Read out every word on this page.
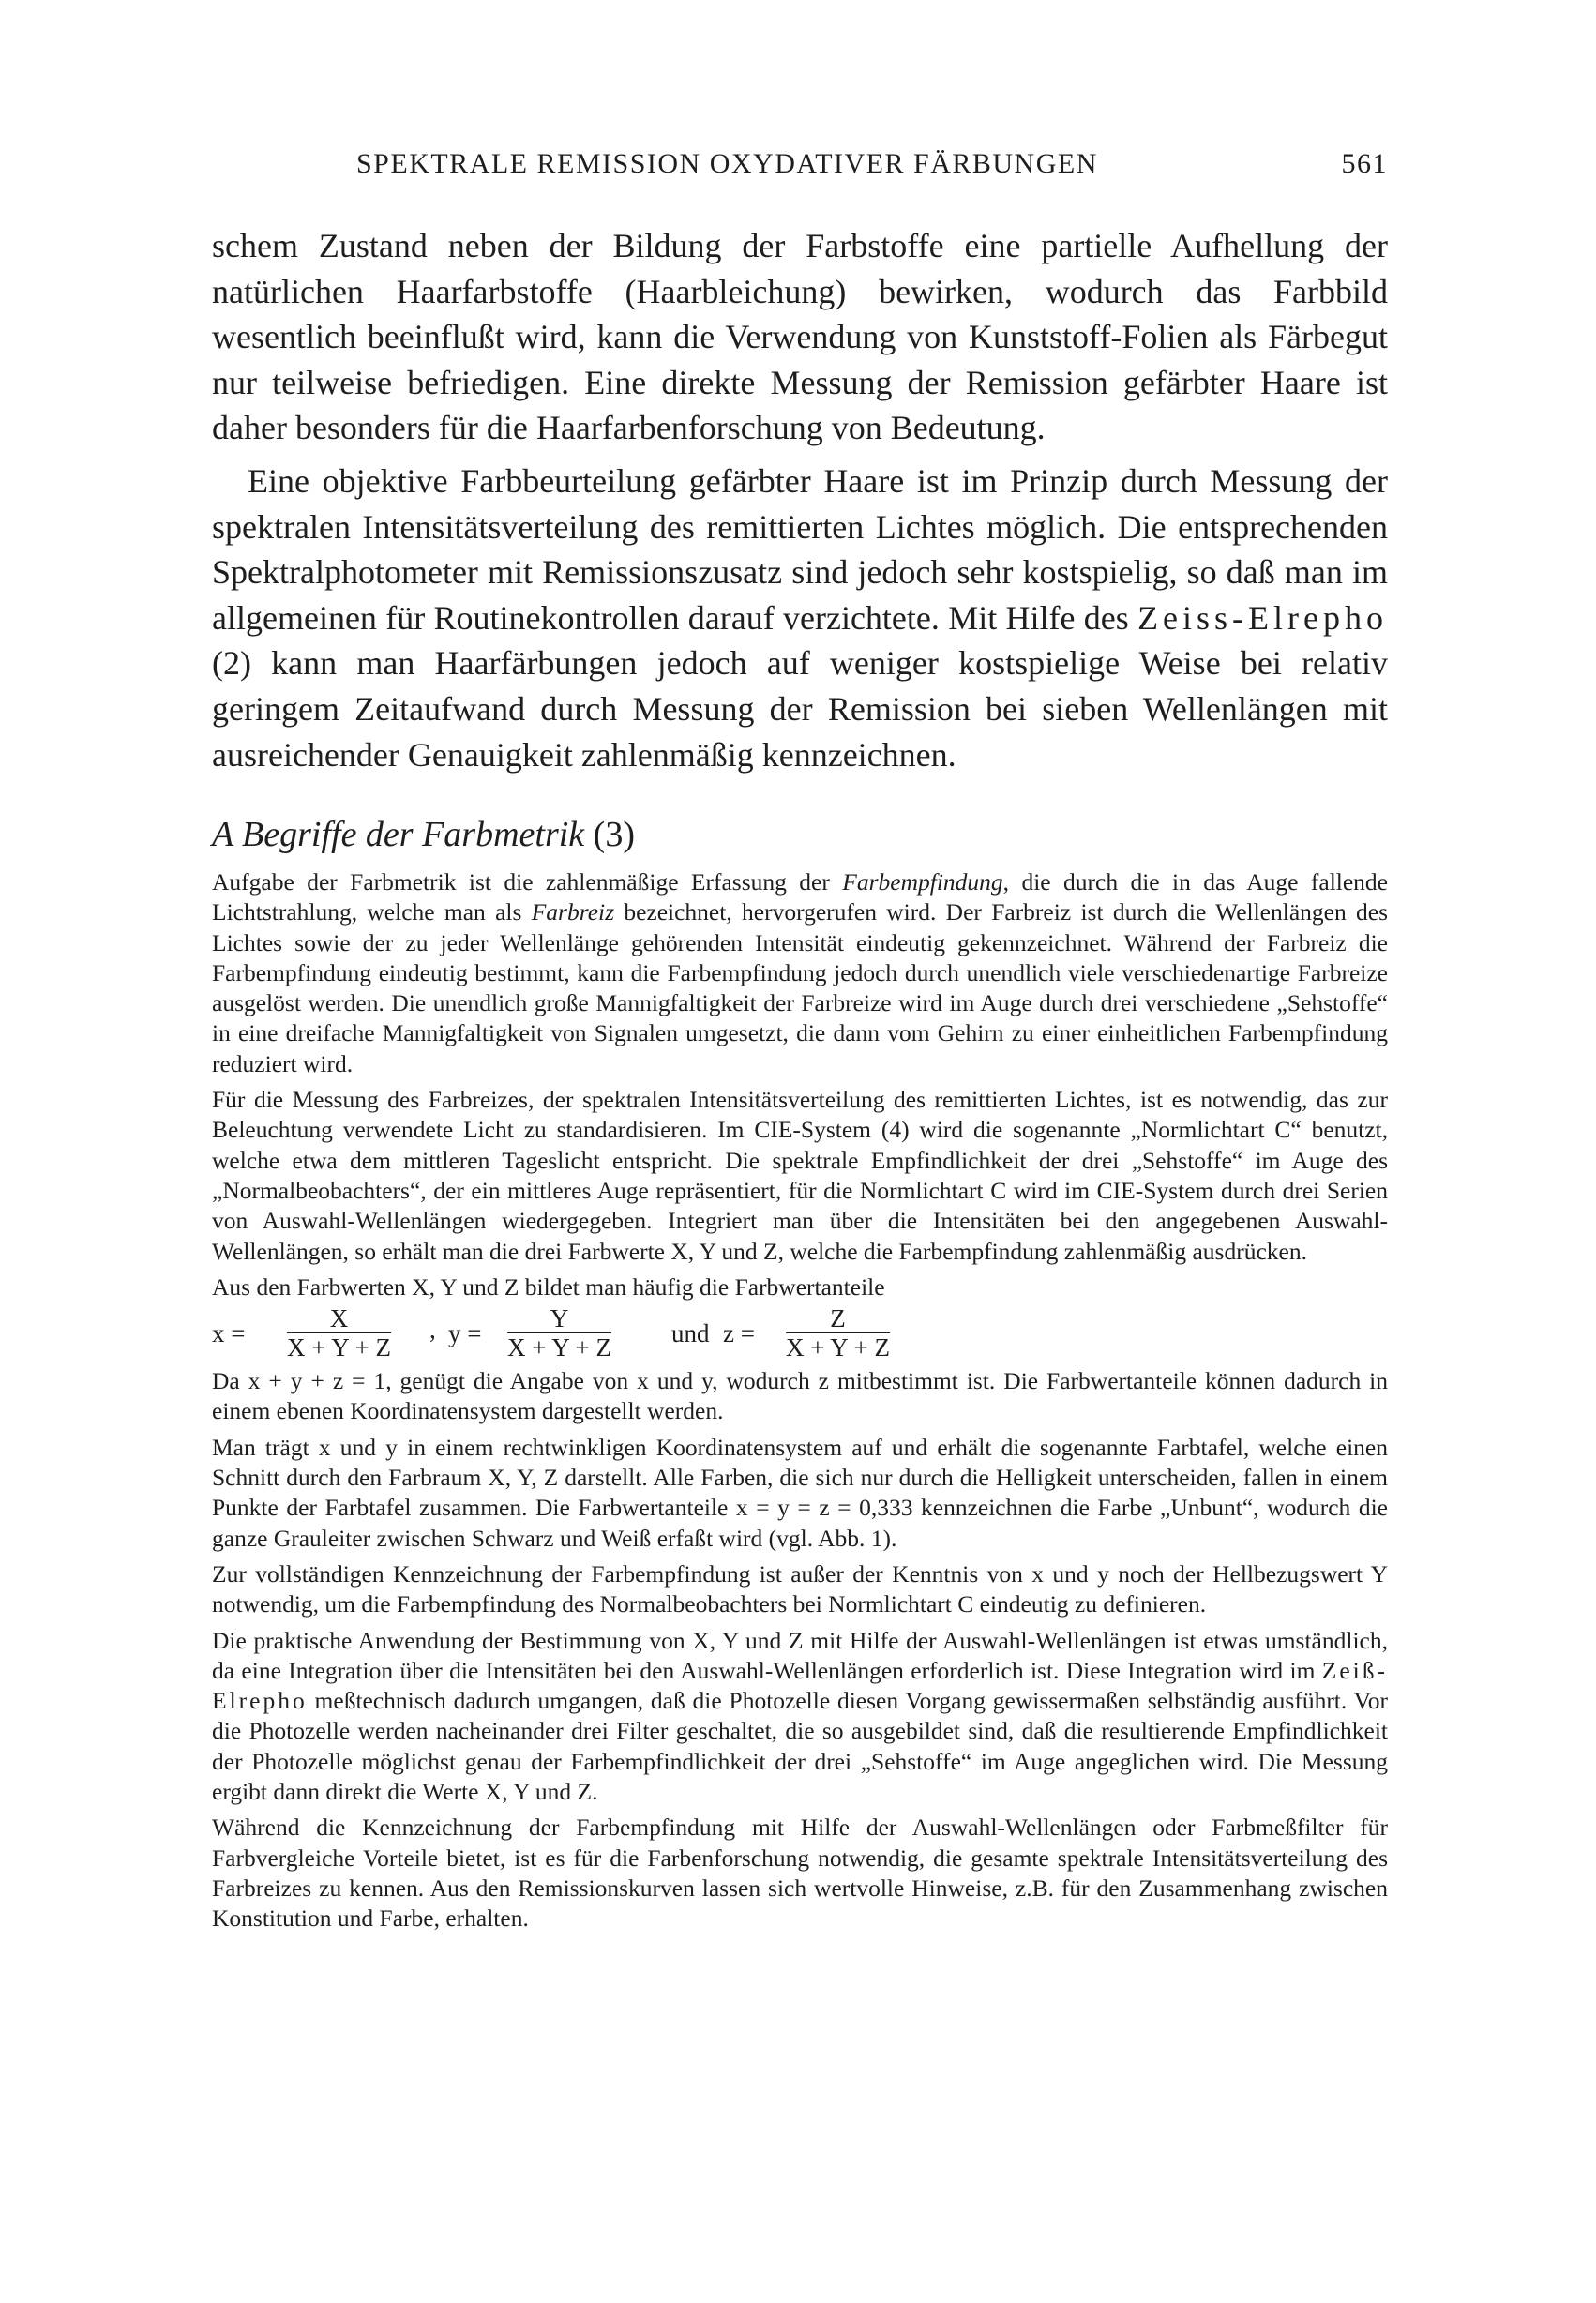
SPEKTRALE REMISSION OXYDATIVER FÄRBUNGEN	561

schem Zustand neben der Bildung der Farbstoffe eine partielle Aufhellung der natürlichen Haarfarbstoffe (Haarbleichung) bewirken, wodurch das Farbbild wesentlich beeinflußt wird, kann die Verwendung von Kunststoff-Folien als Färbegut nur teilweise befriedigen. Eine direkte Messung der Remission gefärbter Haare ist daher besonders für die Haarfarbenforschung von Bedeutung.

Eine objektive Farbbeurteilung gefärbter Haare ist im Prinzip durch Messung der spektralen Intensitätsverteilung des remittierten Lichtes möglich. Die entsprechenden Spektralphotometer mit Remissionszusatz sind jedoch sehr kostspielig, so daß man im allgemeinen für Routinekontrollen darauf verzichtete. Mit Hilfe des Zeiss-Elrepho (2) kann man Haarfärbungen jedoch auf weniger kostspielige Weise bei relativ geringem Zeitaufwand durch Messung der Remission bei sieben Wellenlängen mit ausreichender Genauigkeit zahlenmäßig kennzeichnen.

A Begriffe der Farbmetrik (3)

Aufgabe der Farbmetrik ist die zahlenmäßige Erfassung der Farbempfindung, die durch die in das Auge fallende Lichtstrahlung, welche man als Farbreiz bezeichnet, hervorgerufen wird. Der Farbreiz ist durch die Wellenlängen des Lichtes sowie der zu jeder Wellenlänge gehörenden Intensität eindeutig gekennzeichnet. Während der Farbreiz die Farbempfindung eindeutig bestimmt, kann die Farbempfindung jedoch durch unendlich viele verschiedenartige Farbreize ausgelöst werden. Die unendlich große Mannigfaltigkeit der Farbreize wird im Auge durch drei verschiedene „Sehstoffe“ in eine dreifache Mannigfaltigkeit von Signalen umgesetzt, die dann vom Gehirn zu einer einheitlichen Farbempfindung reduziert wird.

Für die Messung des Farbreizes, der spektralen Intensitätsverteilung des remittierten Lichtes, ist es notwendig, das zur Beleuchtung verwendete Licht zu standardisieren. Im CIE-System (4) wird die sogenannte „Normlichtart C“ benutzt, welche etwa dem mittleren Tageslicht entspricht. Die spektrale Empfindlichkeit der drei „Sehstoffe“ im Auge des „Normalbeobachters“, der ein mittleres Auge repräsentiert, für die Normlichtart C wird im CIE-System durch drei Serien von Auswahl-Wellenlängen wiedergegeben. Integriert man über die Intensitäten bei den angegebenen Auswahl-Wellenlängen, so erhält man die drei Farbwerte X, Y und Z, welche die Farbempfindung zahlenmäßig ausdrücken.

Aus den Farbwerten X, Y und Z bildet man häufig die Farbwertanteile

$x = \frac{X}{X + Y + Z}$ , $y = \frac{Y}{X + Y + Z}$ und $z = \frac{Z}{X + Y + Z}$

Da x + y + z = 1, genügt die Angabe von x und y, wodurch z mitbestimmt ist. Die Farbwertanteile können dadurch in einem ebenen Koordinatensystem dargestellt werden.

Man trägt x und y in einem rechtwinkligen Koordinatensystem auf und erhält die sogenannte Farbtafel, welche einen Schnitt durch den Farbraum X, Y, Z darstellt. Alle Farben, die sich nur durch die Helligkeit unterscheiden, fallen in einem Punkte der Farbtafel zusammen. Die Farbwertanteile x = y = z = 0,333 kennzeichnen die Farbe „Unbunt“, wodurch die ganze Grauleiter zwischen Schwarz und Weiß erfaßt wird (vgl. Abb. 1).

Zur vollständigen Kennzeichnung der Farbempfindung ist außer der Kenntnis von x und y noch der Hellbezugswert Y notwendig, um die Farbempfindung des Normalbeobachters bei Normlichtart C eindeutig zu definieren.

Die praktische Anwendung der Bestimmung von X, Y und Z mit Hilfe der Auswahl-Wellenlängen ist etwas umständlich, da eine Integration über die Intensitäten bei den Auswahl-Wellenlängen erforderlich ist. Diese Integration wird im Zeiß-Elrepho meßtechnisch dadurch umgangen, daß die Photozelle diesen Vorgang gewissermaßen selbständig ausführt. Vor die Photozelle werden nacheinander drei Filter geschaltet, die so ausgebildet sind, daß die resultierende Empfindlichkeit der Photozelle möglichst genau der Farbempfindlichkeit der drei „Sehstoffe“ im Auge angeglichen wird. Die Messung ergibt dann direkt die Werte X, Y und Z.

Während die Kennzeichnung der Farbempfindung mit Hilfe der Auswahl-Wellenlängen oder Farbmeßfilter für Farbvergleiche Vorteile bietet, ist es für die Farbenforschung notwendig, die gesamte spektrale Intensitätsverteilung des Farbreizes zu kennen. Aus den Remissionskurven lassen sich wertvolle Hinweise, z.B. für den Zusammenhang zwischen Konstitution und Farbe, erhalten.
